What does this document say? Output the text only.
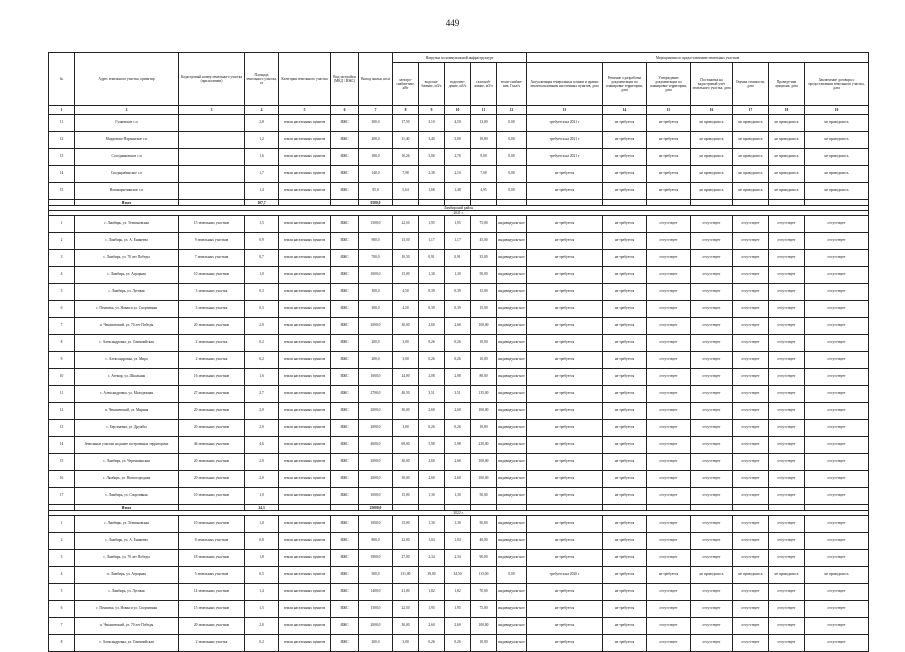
449
№	Адрес земельного участка, ориентир	Кадастровый номер земельного участка (при наличии)	Площадь земельного участка, га	Категория земельного участка	Вид застройки (МКД / ИЖС)	Выход жилья, кв.м	Нагрузки по коммунальной инфраструктуре					Мероприятия по предоставлению земельных участков						
							электро-снабже-ние, кВт	водосна-бжение, м3/ч	водоотве-дение, м3/ч	газоснаб-жение, м3/ч	тепло-снабже-ние, Гкал/ч	Актуализация генеральных планов и правил землепользования населенных пунктов, дата	Решение о разработке документации по планировке территории, дата	Утверждение документации по планировке территории, дата	Постановка на кадастровый учет земельного участка, дата	Оценка стоимости, дата	Проведе-ние аукциона, дата	Заключение договора о предоставлении земельного участка, дата
1	2	3	4	5	6	7	8	9	10	11	12	13	14	15	16	17	18	19
11	Гуляевское с.п		2,8	земли населенных пунктов	ИЖС	300,0	17,50	3,10	4,50	13,00	0,00	требуется на 2021 г	не требуется	не требуется	не проводилось	не проводилось	не проводилось	не проводилось
12	Мордовско-Пархинское с.п		1,2	земли населенных пунктов	ИЖС	200,0	11,40	3,40	3,00	10,00	0,00	требуется на 2021 г	не требуется	не требуется	не проводилось	не проводилось	не проводилось	не проводилось
13	Соседниковское с.п		1,6	земли населенных пунктов	ИЖС	180,0	10,26	3,06	2,70	9,00	0,00	требуется на 2021 г	не требуется	не требуется	не проводилось	не проводилось	не проводилось	не проводилось
14	Сподырябинское с.п		1,7	земли населенных пунктов	ИЖС	140,0	7,98	2,38	2,10	7,00	0,00	не требуется	не требуется	не требуется	не проводилось	не проводилось	не проводилось	не проводилось
15	Новокарьечинское с.п		1,4	земли населенных пунктов	ИЖС	95,0	5,64	1,68	1,48	4,95	0,00	не требуется	не требуется	не требуется	не проводилось	не проводилось	не проводилось	не проводилось
	Итого		107,7			0500,0												
Лямбирский район																		
2021 г.																		
1	с. Лямбирь, ул. Тезипновская	15 земельных участков	1,5	земли населенных пунктов	ИЖС	1500,0	22,50	1,95	1,95	75,00	индивидуаль-ное	не требуется	не требуется	отсутствует	отсутствует	отсутствует	отсутствует	отсутствует
2	с. Лямбирь, ул. А. Еникеева	9 земельных участков	0,9	земли населенных пунктов	ИЖС	900,0	13,50	1,17	1,17	45,00	индивидуаль-ное	не требуется	не требуется	отсутствует	отсутствует	отсутствует	отсутствует	отсутствует
3	с. Лямбирь, ул. 70 лет Победы	7 земельных участков	0,7	земли населенных пунктов	ИЖС	700,0	10,50	0,91	0,91	35,00	индивидуаль-ное	не требуется	не требуется	отсутствует	отсутствует	отсутствует	отсутствует	отсутствует
4	с. Лямбирь, ул. Аграрная	10 земельных участков	1,0	земли населенных пунктов	ИЖС	1000,0	15,00	1,30	1,30	50,00	индивидуаль-ное	не требуется	не требуется	отсутствует	отсутствует	отсутствует	отсутствует	отсутствует
5	с. Лямбирь, ул. Луговая	3 земельных участка	0,3	земли населенных пунктов	ИЖС	300,0	4,50	0,39	0,39	15,00	индивидуаль-ное	не требуется	не требуется	отсутствует	отсутствует	отсутствует	отсутствует	отсутствует
6	с. Пензятка, ул. Новая и ул. Спортивная	3 земельных участка	0,3	земли населенных пунктов	ИЖС	300,0	4,50	0,39	0,39	15,00	индивидуаль-ное	не требуется	не требуется	отсутствует	отсутствует	отсутствует	отсутствует	отсутствует
7	п. Чекашевский, ул. 70 лет Победы	20 земельных участков	2,0	земли населенных пунктов	ИЖС	2000,0	30,00	2,60	2,60	100,00	индивидуаль-ное	не требуется	не требуется	отсутствует	отсутствует	отсутствует	отсутствует	отсутствует
8	с. Александровка, ул. Олимпийская	2 земельных участка	0,2	земли населенных пунктов	ИЖС	200,0	3,00	0,26	0,26	10,00	индивидуаль-ное	не требуется	не требуется	отсутствует	отсутствует	отсутствует	отсутствует	отсутствует
9	с. Александровка, ул. Мира	2 земельных участка	0,2	земли населенных пунктов	ИЖС	200,0	3,00	0,26	0,26	10,00	индивидуаль-ное	не требуется	не требуется	отсутствует	отсутствует	отсутствует	отсутствует	отсутствует
10	с. Атемар, ул. Школьная	16 земельных участков	1,6	земли населенных пунктов	ИЖС	1600,0	24,00	2,08	2,08	80,00	индивидуаль-ное	не требуется	не требуется	отсутствует	отсутствует	отсутствует	отсутствует	отсутствует
11	с. Александровка, ул. Молодежная	27 земельных участков	2,7	земли населенных пунктов	ИЖС	2700,0	40,50	3,51	3,51	135,00	индивидуаль-ное	не требуется	не требуется	отсутствует	отсутствует	отсутствует	отсутствует	отсутствует
12	п. Чекашевский, ул. Мирная	20 земельных участков	2,0	земли населенных пунктов	ИЖС	2000,0	30,00	2,60	2,60	100,00	индивидуаль-ное	не требуется	не требуется	отсутствует	отсутствует	отсутствует	отсутствует	отсутствует
13	с. Берсеневка, ул. Дружбы	20 земельных участков	2,0	земли населенных пунктов	ИЖС	2000,0	3,00	0,26	0,26	10,00	индивидуаль-ное	не требуется	не требуется	отсутствует	отсутствует	отсутствует	отсутствует	отсутствует
14	Земельные участки на ранее застроенных территориях	46 земельных участков	4,6	земли населенных пунктов	ИЖС	4600,0	69,00	5,98	5,98	230,00	индивидуаль-ное	не требуется	не требуется	отсутствует	отсутствует	отсутствует	отсутствует	отсутствует
15	с. Лямбирь, ул. Черемшанская	20 земельных участков	2,0	земли населенных пунктов	ИЖС	2000,0	30,00	2,60	2,60	100,00	индивидуаль-ное	не требуется	не требуется	отсутствует	отсутствует	отсутствует	отсутствует	отсутствует
16	с. Лямбирь, ул. Новоогородная	20 земельных участков	2,0	земли населенных пунктов	ИЖС	2000,0	30,00	2,60	2,60	100,00	индивидуаль-ное	не требуется	не требуется	отсутствует	отсутствует	отсутствует	отсутствует	отсутствует
17	с. Лямбирь, ул. Спортивная	10 земельных участков	1,0	земли населенных пунктов	ИЖС	1000,0	15,00	1,30	1,30	50,00	индивидуаль-ное	не требуется	не требуется	отсутствует	отсутствует	отсутствует	отсутствует	отсутствует
	Итого		24,3			25000,0												
2022 г.																		
1	с. Лямбирь, ул. Тезипновская	10 земельных участков	1,0	земли населенных пунктов	ИЖС	1000,0	15,00	1,30	1,30	50,00	индивидуаль-ное	не требуется	не требуется	отсутствует	отсутствует	отсутствует	отсутствует	отсутствует
2	с. Лямбирь, ул. А. Еникеева	8 земельных участков	0,8	земли населенных пунктов	ИЖС	800,0	12,00	1,04	1,04	40,00	индивидуаль-ное	не требуется	не требуется	отсутствует	отсутствует	отсутствует	отсутствует	отсутствует
3	с. Лямбирь, ул. 70 лет Победы	18 земельных участков	1,8	земли населенных пунктов	ИЖС	1800,0	27,00	2,34	2,34	90,00	индивидуаль-ное	не требуется	не требуется	отсутствует	отсутствует	отсутствует	отсутствует	отсутствует
4	п. Лямбирь, ул. Аграрная	5 земельных участков	0,5	земли населенных пунктов	ИЖС	500,0	131,00	39,00	34,50	115,00	0,00	требуется на 2020 г	не требуется	не требуется	не проводилось	не проводилось	не проводилось	не проводилось
5	с. Лямбирь, ул. Луговая	14 земельных участков	1,4	земли населенных пунктов	ИЖС	1400,0	21,00	1,82	1,82	70,00	индивидуаль-ное	не требуется	не требуется	отсутствует	отсутствует	отсутствует	отсутствует	отсутствует
6	с. Пензятка, ул. Новая и ул. Спортивная	15 земельных участков	1,5	земли населенных пунктов	ИЖС	1500,0	22,50	1,95	1,95	75,00	индивидуаль-ное	не требуется	не требуется	отсутствует	отсутствует	отсутствует	отсутствует	отсутствует
7	п. Чекашевский, ул. 70 лет Победы	20 земельных участков	2,0	земли населенных пунктов	ИЖС	2000,0	30,00	2,60	2,60	100,00	индивидуаль-ное	не требуется	не требуется	отсутствует	отсутствует	отсутствует	отсутствует	отсутствует
8	с. Александровка, ул. Олимпийская	2 земельных участка	0,2	земли населенных пунктов	ИЖС	200,0	3,00	0,26	0,26	10,00	индивидуаль-ное	не требуется	не требуется	отсутствует	отсутствует	отсутствует	отсутствует	отсутствует
